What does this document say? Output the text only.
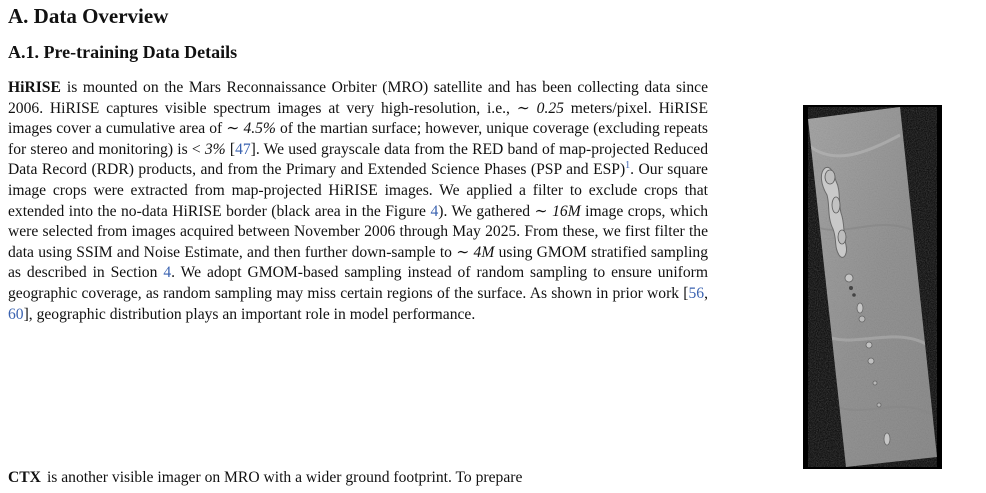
A. Data Overview
A.1. Pre-training Data Details

HiRISE is mounted on the Mars Reconnaissance Orbiter (MRO) satellite and has been collecting data since 2006. HiRISE captures visible spectrum images at very high-resolution, i.e., ∼ 0.25 meters/pixel. HiRISE images cover a cumulative area of ∼ 4.5% of the martian surface; however, unique coverage (excluding repeats for stereo and monitoring) is < 3% [47]. We used grayscale data from the RED band of map-projected Reduced Data Record (RDR) products, and from the Primary and Extended Science Phases (PSP and ESP)$^1$. Our square image crops were extracted from map-projected HiRISE images. We applied a filter to exclude crops that extended into the no-data HiRISE border (black area in the Figure 4). We gathered ∼ 16M image crops, which were selected from images acquired between November 2006 through May 2025. From these, we first filter the data using SSIM and Noise Estimate, and then further down-sample to ∼ 4M using GMOM stratified sampling as described in Section 4. We adopt GMOM-based sampling instead of random sampling to ensure uniform geographic coverage, as random sampling may miss certain regions of the surface. As shown in prior work [56, 60], geographic distribution plays an important role in model performance.

CTX is another visible imager on MRO with a wider ground footprint. To prepare
